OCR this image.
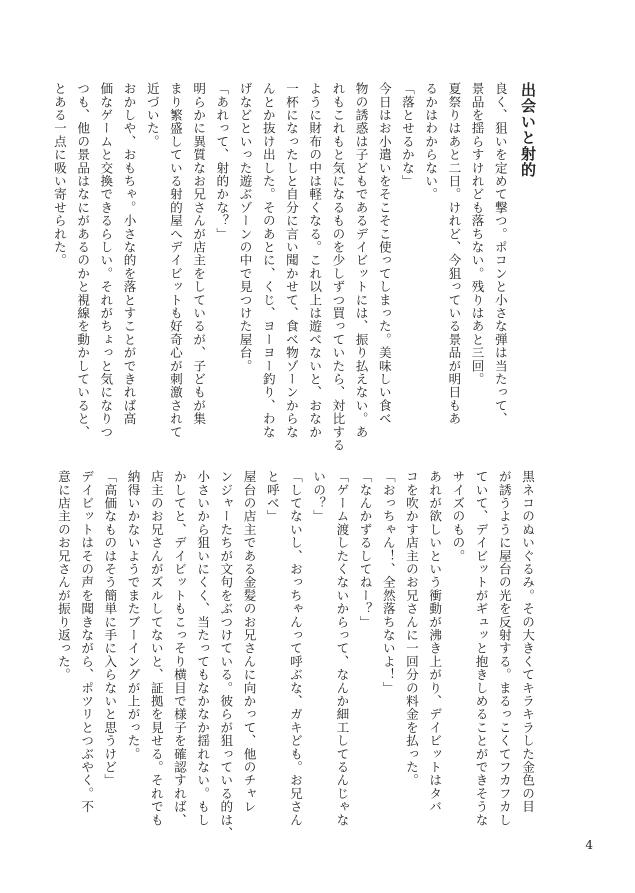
出会いと射的
良く、狙いを定めて撃つ。ポコンと小さな弾は当たって、
景品を揺らすけれども落ちない。残りはあと三回。
夏祭りはあと二日。けれど、今狙っている景品が明日もあ
るかはわからない。
「落とせるかな」
今日はお小遣いをそこそこ使ってしまった。美味しい食べ
物の誘惑は子どもであるデイビットには、振り払えない。あ
れもこれもと気になるものを少しずつ買っていたら、対比する
ように財布の中は軽くなる。これ以上は遊べないと、おなか
一杯になったしと自分に言い聞かせて、食べ物ゾーンからな
んとか抜け出した。そのあとに、くじ、ヨーヨー釣り、わな
げなどといった遊ぶゾーンの中で見つけた屋台。
「あれって、射的かな？」
明らかに異質なお兄さんが店主をしているが、子どもが集
まり繁盛している射的屋へデイビットも好奇心が刺激されて
近づいた。
おかしや、おもちゃ。小さな的を落とすことができれば高
価なゲームと交換できるらしい。それがちょっと気になりつ
つも、他の景品はなにがあるのかと視線を動かしていると、
とある一点に吸い寄せられた。
黒ネコのぬいぐるみ。その大きくてキラキラした金色の目
が誘うように屋台の光を反射する。まるっこくてフカフカし
ていて、デイビットがギュッと抱きしめることができそうな
サイズのもの。
あれが欲しいという衝動が沸き上がり、デイビットはタバ
コを吹かす店主のお兄さんに一回分の料金を払った。
「おっちゃん！、全然落ちないよ！」
「なんかずるしてねー？」
「ゲーム渡したくないからって、なんか細工してるんじゃな
いの？」
「してないし、おっちゃんって呼ぶな、ガキども。お兄さん
と呼べ」
屋台の店主である金髪のお兄さんに向かって、他のチャレ
ンジャーたちが文句をぶつけている。彼らが狙っている的は、
小さいから狙いにくく、当たってもなかなか揺れない。もし
かしてと、デイビットもこっそり横目で様子を確認すれば、
店主のお兄さんがズルしてないと、証拠を見せる。それでも
納得いかないようでまたブーイングが上がった。
「高価なものはそう簡単に手に入らないと思うけど」
デイビットはその声を聞きながら、ポツリとつぶやく。不
意に店主のお兄さんが振り返った。
4
